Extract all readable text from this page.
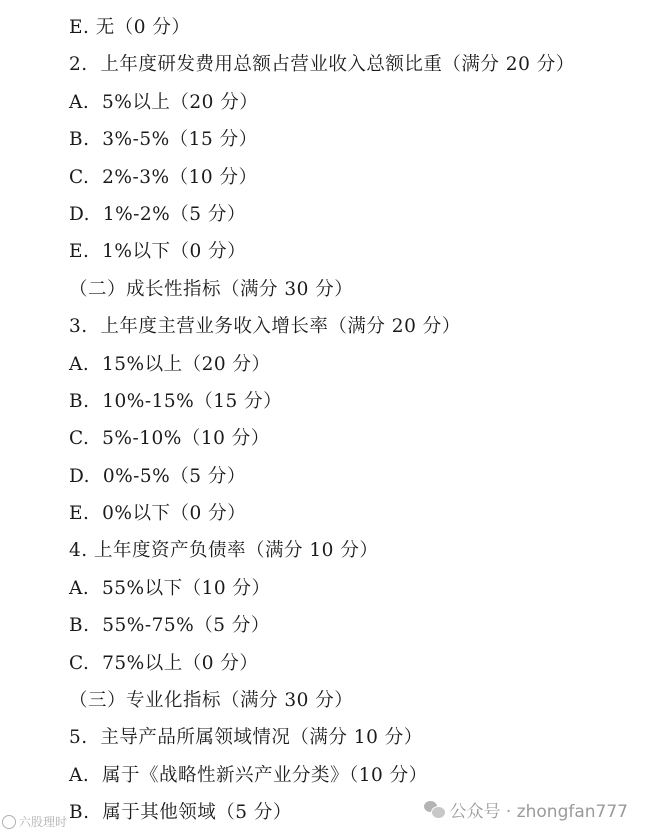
E. 无（0 分）
2.  上年度研发费用总额占营业收入总额比重（满分 20 分）
A.  5%以上（20 分）
B.  3%-5%（15 分）
C.  2%-3%（10 分）
D.  1%-2%（5 分）
E.  1%以下（0 分）
（二）成长性指标（满分 30 分）
3.  上年度主营业务收入增长率（满分 20 分）
A.  15%以上（20 分）
B.  10%-15%（15 分）
C.  5%-10%（10 分）
D.  0%-5%（5 分）
E.  0%以下（0 分）
4. 上年度资产负债率（满分 10 分）
A.  55%以下（10 分）
B.  55%-75%（5 分）
C.  75%以上（0 分）
（三）专业化指标（满分 30 分）
5.  主导产品所属领域情况（满分 10 分）
A.  属于《战略性新兴产业分类》（10 分）
B.  属于其他领域（5 分）	公众号 · zhongfan777
六股理时
